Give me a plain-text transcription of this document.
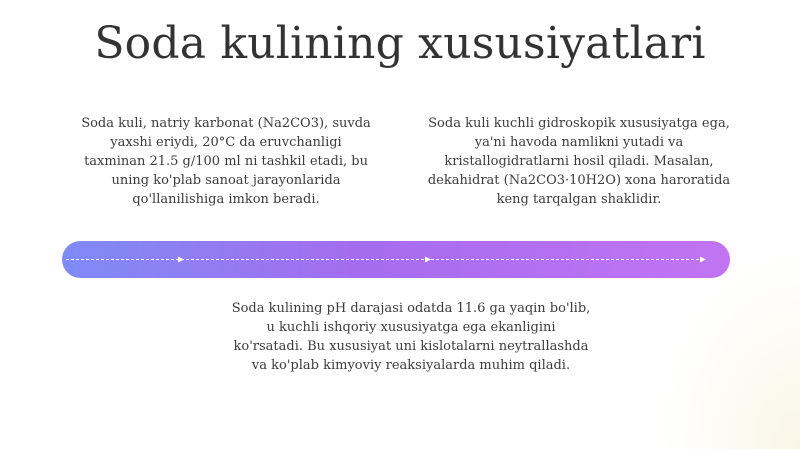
Soda kulining xususiyatlari
Soda kuli, natriy karbonat (Na2CO3), suvda yaxshi eriydi, 20°C da eruvchanligi taxminan 21.5 g/100 ml ni tashkil etadi, bu uning ko'plab sanoat jarayonlarida qo'llanilishiga imkon beradi.
Soda kuli kuchli gidroskopik xususiyatga ega, ya'ni havoda namlikni yutadi va kristallogidratlarni hosil qiladi. Masalan, dekahidrat (Na2CO3·10H2O) xona haroratida keng tarqalgan shaklidir.
Soda kulining pH darajasi odatda 11.6 ga yaqin bo'lib, u kuchli ishqoriy xususiyatga ega ekanligini ko'rsatadi. Bu xususiyat uni kislotalarni neytrallashda va ko'plab kimyoviy reaksiyalarda muhim qiladi.
